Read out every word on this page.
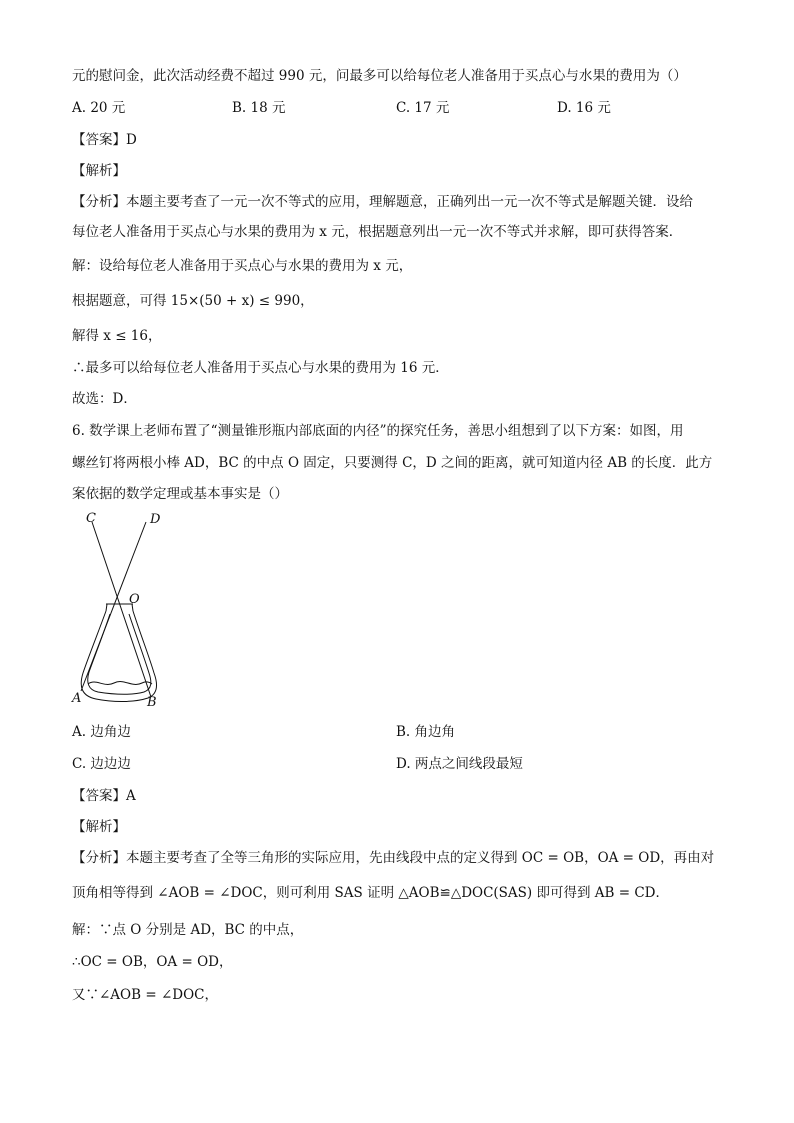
元的慰问金，此次活动经费不超过 990 元，问最多可以给每位老人准备用于买点心与水果的费用为（）
A. 20 元	B. 18 元	C. 17 元	D. 16 元
【答案】D
【解析】
【分析】本题主要考查了一元一次不等式的应用，理解题意，正确列出一元一次不等式是解题关键．设给
每位老人准备用于买点心与水果的费用为 x 元，根据题意列出一元一次不等式并求解，即可获得答案．
解：设给每位老人准备用于买点心与水果的费用为 x 元，
根据题意，可得 15×(50 + x) ≤ 990，
解得 x ≤ 16，
∴最多可以给每位老人准备用于买点心与水果的费用为 16 元．
故选：D．
6. 数学课上老师布置了“测量锥形瓶内部底面的内径”的探究任务，善思小组想到了以下方案：如图，用
螺丝钉将两根小棒 AD，BC 的中点 O 固定，只要测得 C，D 之间的距离，就可知道内径 AB 的长度．此方
案依据的数学定理或基本事实是（）
C	D
O
A	B
A. 边角边	B. 角边角
C. 边边边	D. 两点之间线段最短
【答案】A
【解析】
【分析】本题主要考查了全等三角形的实际应用，先由线段中点的定义得到 OC = OB，OA = OD，再由对
顶角相等得到 ∠AOB = ∠DOC，则可利用 SAS 证明 △AOB≌△DOC(SAS) 即可得到 AB = CD．
解：∵点 O 分别是 AD，BC 的中点，
∴OC = OB，OA = OD，
又∵∠AOB = ∠DOC，
